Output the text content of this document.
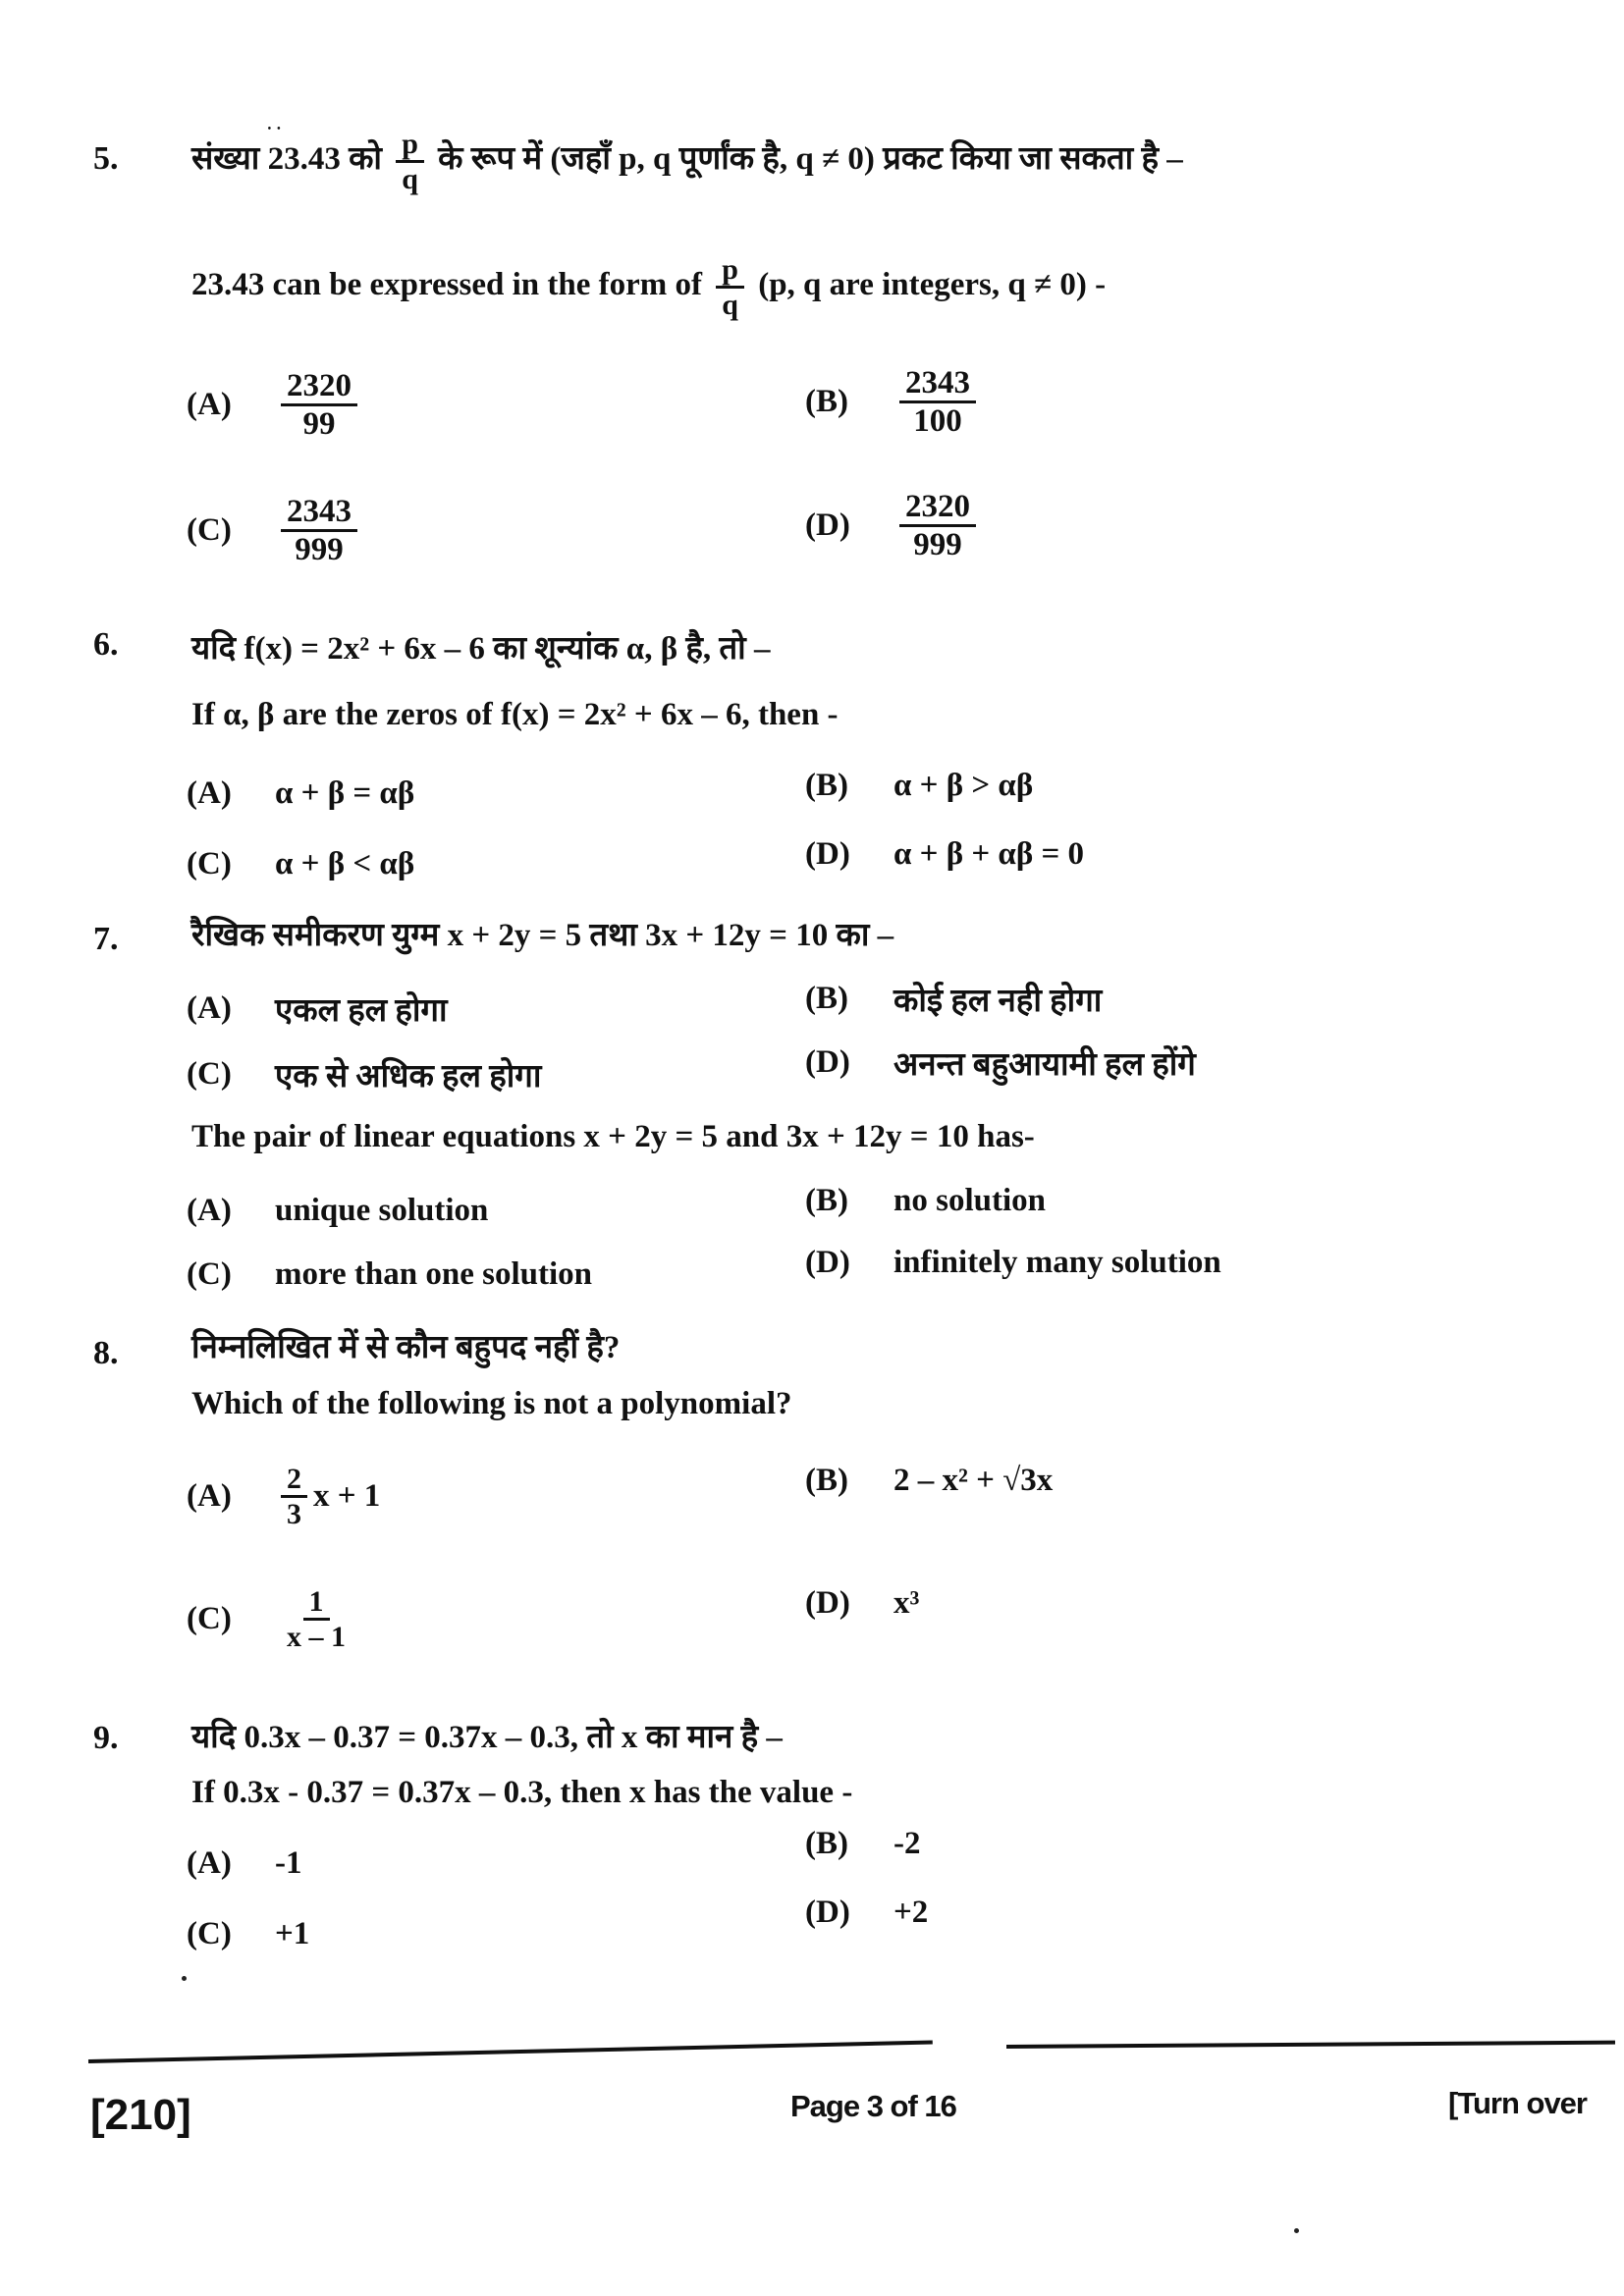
5. संख्या •• 23.43 को $\frac{p}{q}$ के रूप में (जहाँ p, q पूर्णांक है, q ≠ 0) प्रकट किया जा सकता है –
23.43 can be expressed in the form of $\frac{p}{q} (p$, q are integers, q ≠ 0) -
(A)	$\frac{2320}{99}$	(B)	$\frac{2343}{100}$
(C)	$\frac{2343}{999}$	(D)	$\frac{2320}{999}$
6. यदि f(x) = 2x² + 6x – 6 का शून्यांक α, β है, तो –
If α, β are the zeros of f(x) = 2x² + 6x – 6, then -
(A)	α + β = αβ	(B)	α + β > αβ
(C)	α + β < αβ	(D)	α + β + αβ = 0
7. रैखिक समीकरण युग्म x + 2y = 5 तथा 3x + 12y = 10 का –
(A)	एकल हल होगा	(B)	कोई हल नही होगा
(C)	एक से अधिक हल होगा	(D)	अनन्त बहुआयामी हल होंगे
The pair of linear equations x + 2y = 5 and 3x + 12y = 10 has-
(A)	unique solution	(B)	no solution
(C)	more than one solution	(D)	infinitely many solution
8. निम्नलिखित में से कौन बहुपद नहीं है?
Which of the following is not a polynomial?
(A)	$\frac{2}{3}$ x + 1	(B)	2 – x² + √3x
(C)	$\frac{1}{x - 1}$	(D)	x³
9. यदि 0.3x – 0.37 = 0.37x – 0.3, तो x का मान है –
If 0.3x - 0.37 = 0.37x – 0.3, then x has the value -
(A)	-1
(B)	-2
(C)	+1
(D)	+2
[210]	Page 3 of 16	[Turn over
